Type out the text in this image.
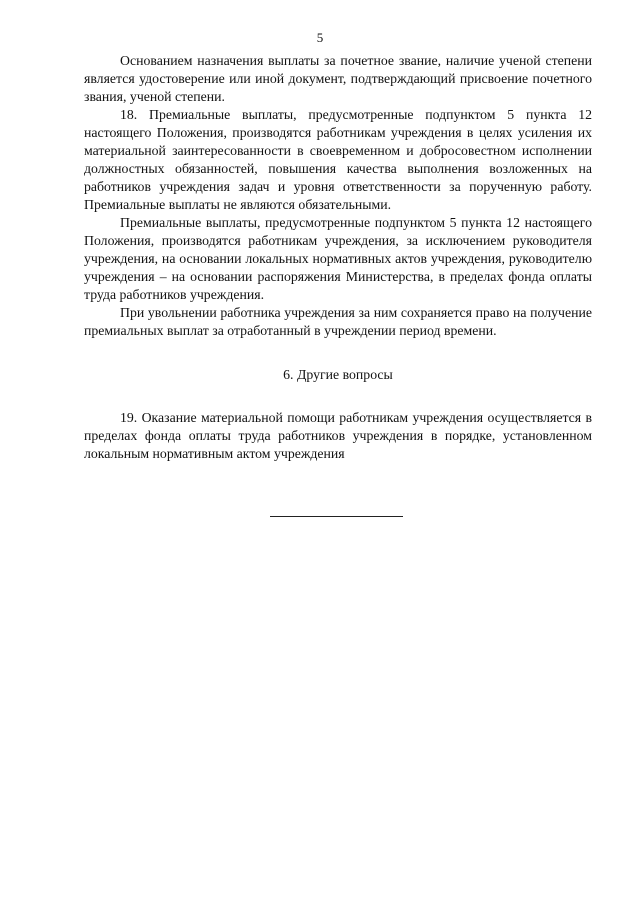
5

Основанием назначения выплаты за почетное звание, наличие ученой степени является удостоверение или иной документ, подтверждающий присвоение почетного звания, ученой степени.

18. Премиальные выплаты, предусмотренные подпунктом 5 пункта 12 настоящего Положения, производятся работникам учреждения в целях усиления их материальной заинтересованности в своевременном и добросовестном исполнении должностных обязанностей, повышения качества выполнения возложенных на работников учреждения задач и уровня ответственности за порученную работу. Премиальные выплаты не являются обязательными.

Премиальные выплаты, предусмотренные подпунктом 5 пункта 12 настоящего Положения, производятся работникам учреждения, за исключением руководителя учреждения, на основании локальных нормативных актов учреждения, руководителю учреждения – на основании распоряжения Министерства, в пределах фонда оплаты труда работников учреждения.

При увольнении работника учреждения за ним сохраняется право на получение премиальных выплат за отработанный в учреждении период времени.

6. Другие вопросы

19. Оказание материальной помощи работникам учреждения осуществляется в пределах фонда оплаты труда работников учреждения в порядке, установленном локальным нормативным актом учреждения
